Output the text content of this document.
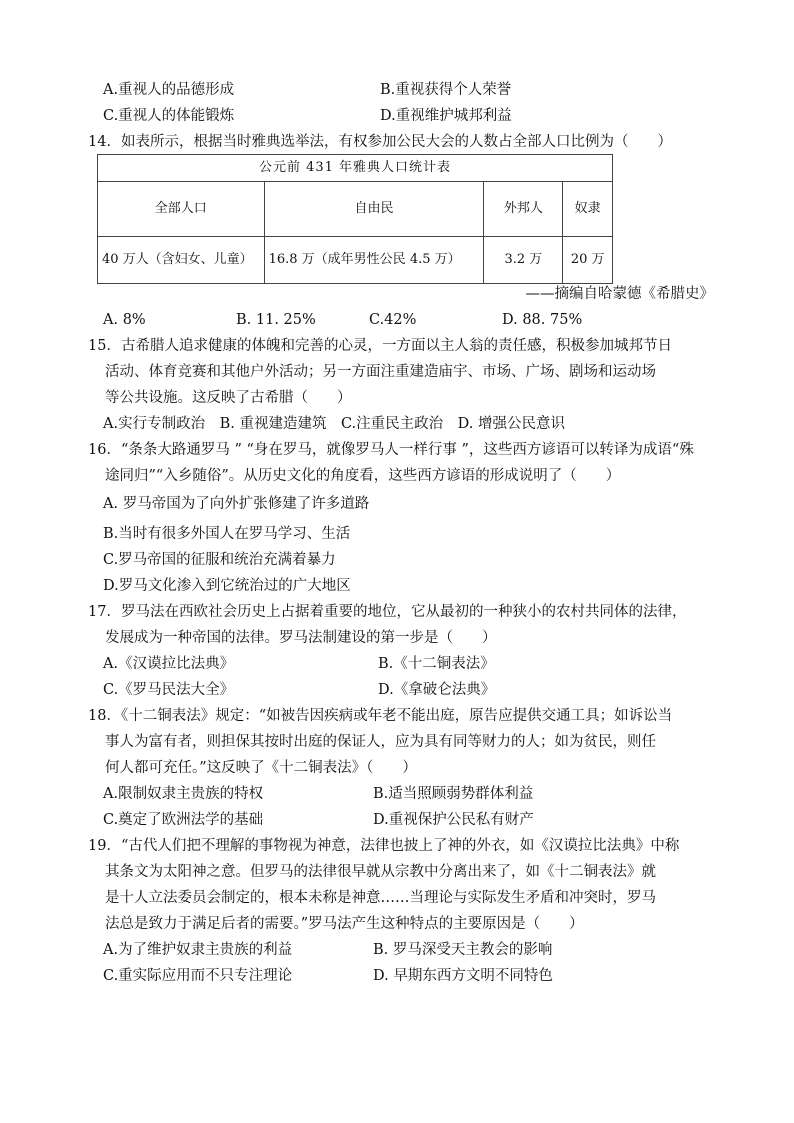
A.重视人的品德形成	B.重视获得个人荣誉
C.重视人的体能锻炼	D.重视维护城邦利益
14．如表所示，根据当时雅典选举法，有权参加公民大会的人数占全部人口比例为（　　）
公元前 431 年雅典人口统计表			
全部人口	自由民	外邦人	奴隶
40 万人（含妇女、儿童）	16.8 万（成年男性公民 4.5 万）	3.2 万	20 万
——摘编自哈蒙德《希腊史》
A. 8%	B. 11. 25%	C.42%	D. 88. 75%
15．古希腊人追求健康的体魄和完善的心灵，一方面以主人翁的责任感，积极参加城邦节日
活动、体育竞赛和其他户外活动；另一方面注重建造庙宇、市场、广场、剧场和运动场
等公共设施。这反映了古希腊（　　）
A.实行专制政治　B. 重视建造建筑　C.注重民主政治　D. 增强公民意识
16．“条条大路通罗马 ” “身在罗马，就像罗马人一样行事 ”，这些西方谚语可以转译为成语“殊
途同归”“入乡随俗”。从历史文化的角度看，这些西方谚语的形成说明了（　　）
A. 罗马帝国为了向外扩张修建了许多道路
B.当时有很多外国人在罗马学习、生活
C.罗马帝国的征服和统治充满着暴力
D.罗马文化渗入到它统治过的广大地区
17．罗马法在西欧社会历史上占据着重要的地位，它从最初的一种狭小的农村共同体的法律，
发展成为一种帝国的法律。罗马法制建设的第一步是（　　）
A.《汉谟拉比法典》	B.《十二铜表法》
C.《罗马民法大全》	D.《拿破仑法典》
18．《十二铜表法》规定：“如被告因疾病或年老不能出庭，原告应提供交通工具；如诉讼当
事人为富有者，则担保其按时出庭的保证人，应为具有同等财力的人；如为贫民，则任
何人都可充任。”这反映了《十二铜表法》（　　）
A.限制奴隶主贵族的特权	B.适当照顾弱势群体利益
C.奠定了欧洲法学的基础	D.重视保护公民私有财产
19．“古代人们把不理解的事物视为神意，法律也披上了神的外衣，如《汉谟拉比法典》中称
其条文为太阳神之意。但罗马的法律很早就从宗教中分离出来了，如《十二铜表法》就
是十人立法委员会制定的，根本未称是神意……当理论与实际发生矛盾和冲突时，罗马
法总是致力于满足后者的需要。”罗马法产生这种特点的主要原因是（　　）
A.为了维护奴隶主贵族的利益	B. 罗马深受天主教会的影响
C.重实际应用而不只专注理论	D. 早期东西方文明不同特色
